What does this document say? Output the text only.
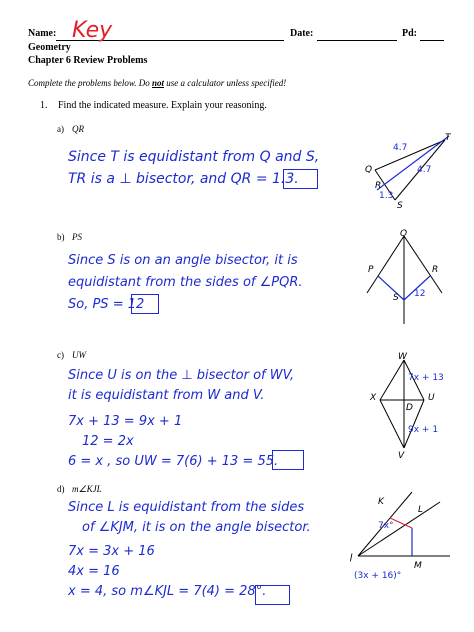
Name: Key	Date:	Pd:
Geometry
Chapter 6 Review Problems
Complete the problems below. Do not use a calculator unless specified!
1. Find the indicated measure. Explain your reasoning.
a) QR
Since T is equidistant from Q and S,
TR is a ⊥ bisector, and QR = 1.3.
T
Q
R
S
4.7
4.7
1.3
b) PS
Since S is on an angle bisector, it is
equidistant from the sides of ∠PQR.
So, PS = 12
Q
P	R
S 12
c) UW
Since U is on the ⊥ bisector of WV,
it is equidistant from W and V.
7x + 13 = 9x + 1
12 = 2x
6 = x , so UW = 7(6) + 13 = 55.
W
X	U
D
V
7x + 13
9x + 1
d) m∠KJL
Since L is equidistant from the sides
of ∠KJM, it is on the angle bisector.
7x = 3x + 16
4x = 16
x = 4, so m∠KJL = 7(4) = 28°.
K
L
J
M
7x°
(3x + 16)°
